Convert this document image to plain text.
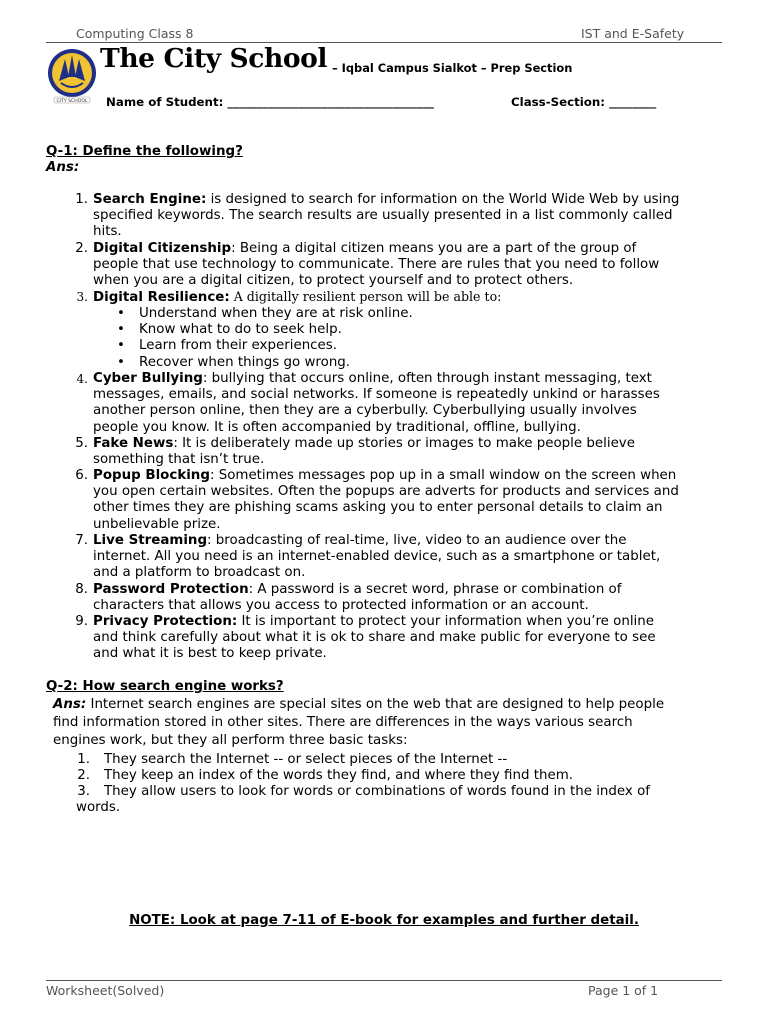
Computing Class 8	IST and E-Safety
CITY SCHOOL
The City School – Iqbal Campus Sialkot – Prep Section
Name of Student: ___________________________________	Class-Section: ________
Q-1: Define the following?
Ans:
1. Search Engine: is designed to search for information on the World Wide Web by using
specified keywords. The search results are usually presented in a list commonly called
hits.
2. Digital Citizenship: Being a digital citizen means you are a part of the group of
people that use technology to communicate. There are rules that you need to follow
when you are a digital citizen, to protect yourself and to protect others.
3. Digital Resilience: A digitally resilient person will be able to:
4. Cyber Bullying: bullying that occurs online, often through instant messaging, text
messages, emails, and social networks. If someone is repeatedly unkind or harasses
another person online, then they are a cyberbully. Cyberbullying usually involves
people you know. It is often accompanied by traditional, offline, bullying.
5. Fake News: It is deliberately made up stories or images to make people believe
something that isn’t true.
6. Popup Blocking: Sometimes messages pop up in a small window on the screen when
you open certain websites. Often the popups are adverts for products and services and
other times they are phishing scams asking you to enter personal details to claim an
unbelievable prize.
7. Live Streaming: broadcasting of real-time, live, video to an audience over the
internet. All you need is an internet-enabled device, such as a smartphone or tablet,
and a platform to broadcast on.
8. Password Protection: A password is a secret word, phrase or combination of
characters that allows you access to protected information or an account.
9. Privacy Protection: It is important to protect your information when you’re online
and think carefully about what it is ok to share and make public for everyone to see
and what it is best to keep private.
• Understand when they are at risk online.
• Know what to do to seek help.
• Learn from their experiences.
• Recover when things go wrong.
Q-2: How search engine works?
Ans: Internet search engines are special sites on the web that are designed to help people
find information stored in other sites. There are differences in the ways various search
engines work, but they all perform three basic tasks:
1. They search the Internet -- or select pieces of the Internet --
2. They keep an index of the words they find, and where they find them.
3. They allow users to look for words or combinations of words found in the index of
words.
NOTE: Look at page 7-11 of E-book for examples and further detail.
Worksheet(Solved)	Page 1 of 1
